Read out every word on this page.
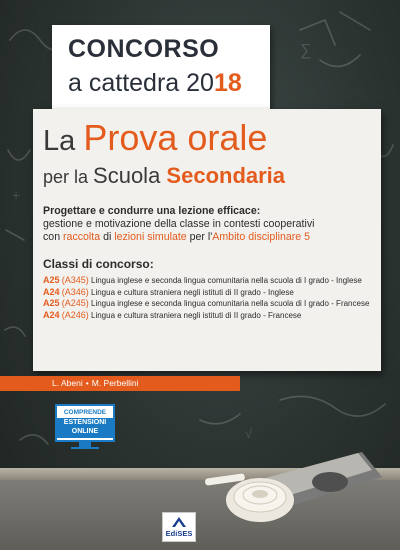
∑
+
√
CONCORSO
a cattedra 2018
La Prova orale
per la Scuola Secondaria
Progettare e condurre una lezione efficace:
gestione e motivazione della classe in contesti cooperativi
con raccolta di lezioni simulate per l'Ambito disciplinare 5
Classi di concorso:
A25 (A345) Lingua inglese e seconda lingua comunitaria nella scuola di I grado - Inglese
A24 (A346) Lingua e cultura straniera negli istituti di II grado - Inglese
A25 (A245) Lingua inglese e seconda lingua comunitaria nella scuola di I grado - Francese
A24 (A246) Lingua e cultura straniera negli istituti di II grado - Francese
L. Abeni • M. Perbellini
COMPRENDE
ESTENSIONI
ONLINE
EdiSES
